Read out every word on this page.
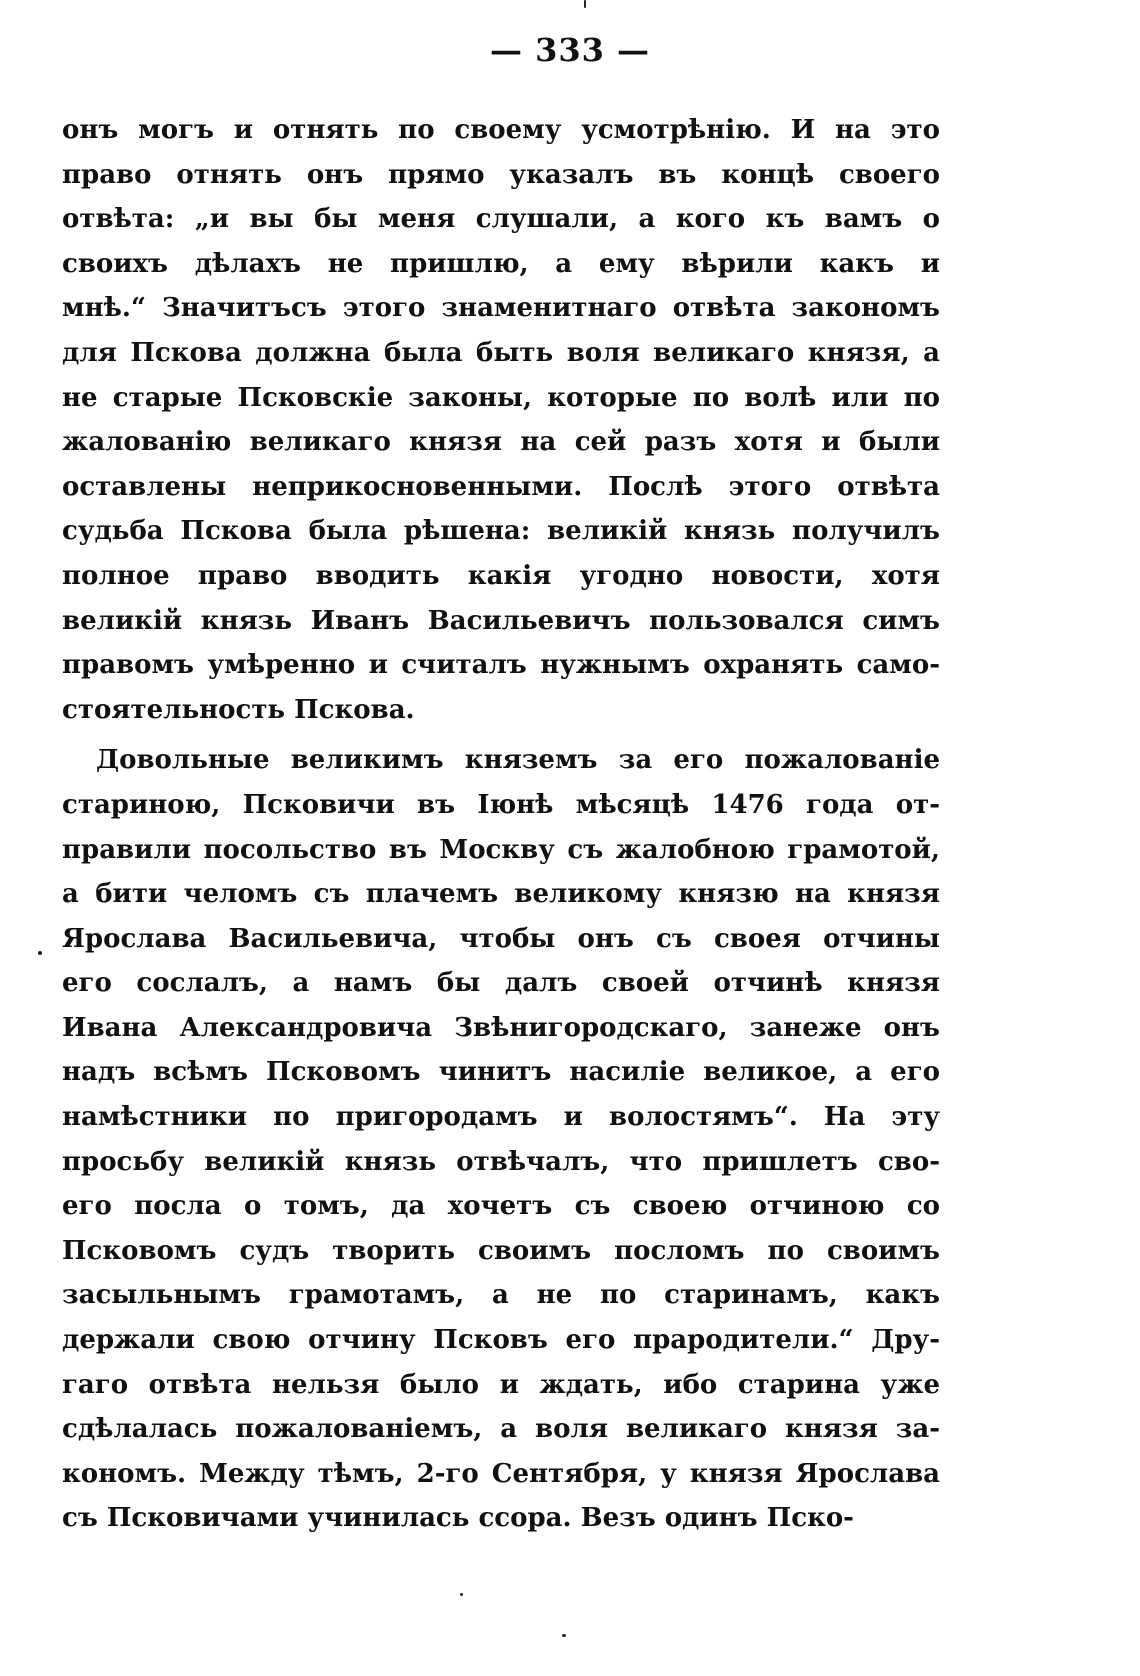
— 333 —
онъ могъ и отнять по своему усмотрѣнію. И на это
право отнять онъ прямо указалъ въ концѣ своего
отвѣта: „и вы бы меня слушали, а кого къ вамъ о
своихъ дѣлахъ не пришлю, а ему вѣрили какъ и
мнѣ.“ Значитъсъ этого знаменитнаго отвѣта закономъ
для Пскова должна была быть воля великаго князя, а
не старые Псковскіе законы, которые по волѣ или по
жалованію великаго князя на сей разъ хотя и были
оставлены неприкосновенными. Послѣ этого отвѣта
судьба Пскова была рѣшена: великій князь получилъ
полное право вводить какія угодно новости, хотя
великій князь Иванъ Васильевичъ пользовался симъ
правомъ умѣренно и считалъ нужнымъ охранять само-
стоятельность Пскова.
Довольные великимъ княземъ за его пожалованіе
стариною, Псковичи въ Іюнѣ мѣсяцѣ 1476 года от-
правили посольство въ Москву съ жалобною грамотой,
а бити челомъ съ плачемъ великому князю на князя
Ярослава Васильевича, чтобы онъ съ своея отчины
его сослалъ, а намъ бы далъ своей отчинѣ князя
Ивана Александровича Звѣнигородскаго, занеже онъ
надъ всѣмъ Псковомъ чинитъ насиліе великое, а его
намѣстники по пригородамъ и волостямъ“. На эту
просьбу великій князь отвѣчалъ, что пришлетъ сво-
его посла о томъ, да хочетъ съ своею отчиною со
Псковомъ судъ творить своимъ посломъ по своимъ
засыльнымъ грамотамъ, а не по старинамъ, какъ
держали свою отчину Псковъ его прародители.“ Дру-
гаго отвѣта нельзя было и ждать, ибо старина уже
сдѣлалась пожалованіемъ, а воля великаго князя за-
кономъ. Между тѣмъ, 2-го Сентября, у князя Ярослава
съ Псковичами учинилась ссора. Везъ одинъ Пско-
